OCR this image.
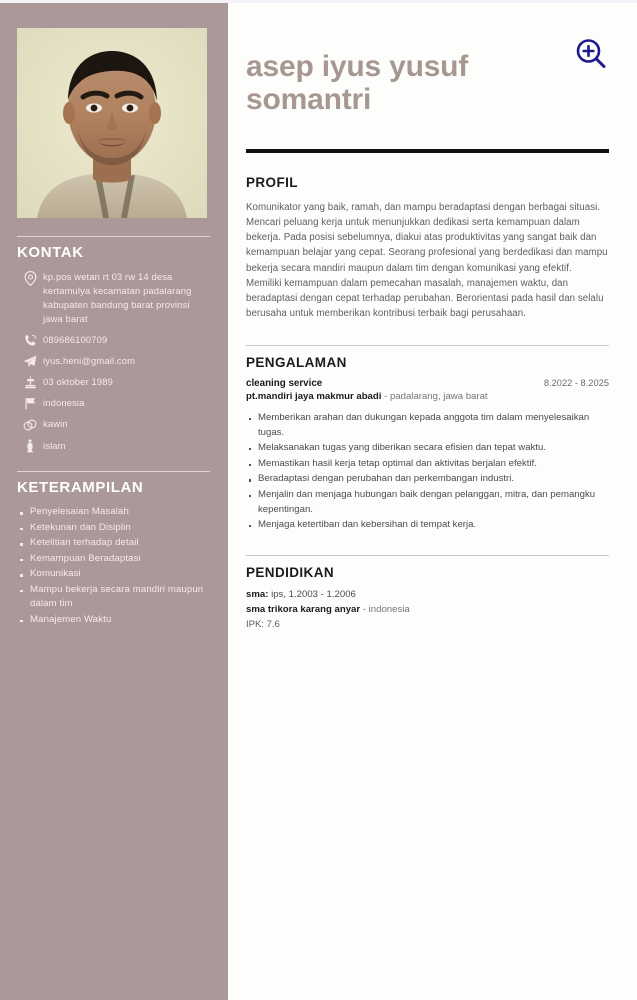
KONTAK
kp.pos wetan rt 03 rw 14 desa kertamulya kecamatan padalarang kabupaten bandung barat provinsi jawa barat
089686100709
iyus.heni@gmail.com
03 oktober 1989
indonesia
kawin
islam
KETERAMPILAN
Penyelesaian Masalah
Ketekunan dan Disiplin
Ketelitian terhadap detail
Kemampuan Beradaptasi
Komunikasi
Mampu bekerja secara mandiri maupun dalam tim
Manajemen Waktu
asep iyus yusuf somantri
PROFIL

Komunikator yang baik, ramah, dan mampu beradaptasi dengan berbagai situasi. Mencari peluang kerja untuk menunjukkan dedikasi serta kemampuan dalam bekerja. Pada posisi sebelumnya, diakui atas produktivitas yang sangat baik dan kemampuan belajar yang cepat. Seorang profesional yang berdedikasi dan mampu bekerja secara mandiri maupun dalam tim dengan komunikasi yang efektif. Memiliki kemampuan dalam pemecahan masalah, manajemen waktu, dan beradaptasi dengan cepat terhadap perubahan. Berorientasi pada hasil dan selalu berusaha untuk memberikan kontribusi terbaik bagi perusahaan.

PENGALAMAN
cleaning service	8.2022 - 8.2025
pt.mandiri jaya makmur abadi - padalarang, jawa barat
Memberikan arahan dan dukungan kepada anggota tim dalam menyelesaikan tugas.
Melaksanakan tugas yang diberikan secara efisien dan tepat waktu.
Memastikan hasil kerja tetap optimal dan aktivitas berjalan efektif.
Beradaptasi dengan perubahan dan perkembangan industri.
Menjalin dan menjaga hubungan baik dengan pelanggan, mitra, dan pemangku kepentingan.
Menjaga ketertiban dan kebersihan di tempat kerja.
PENDIDIKAN
sma: ips, 1.2003 - 1.2006
sma trikora karang anyar - indonesia
IPK: 7.6
